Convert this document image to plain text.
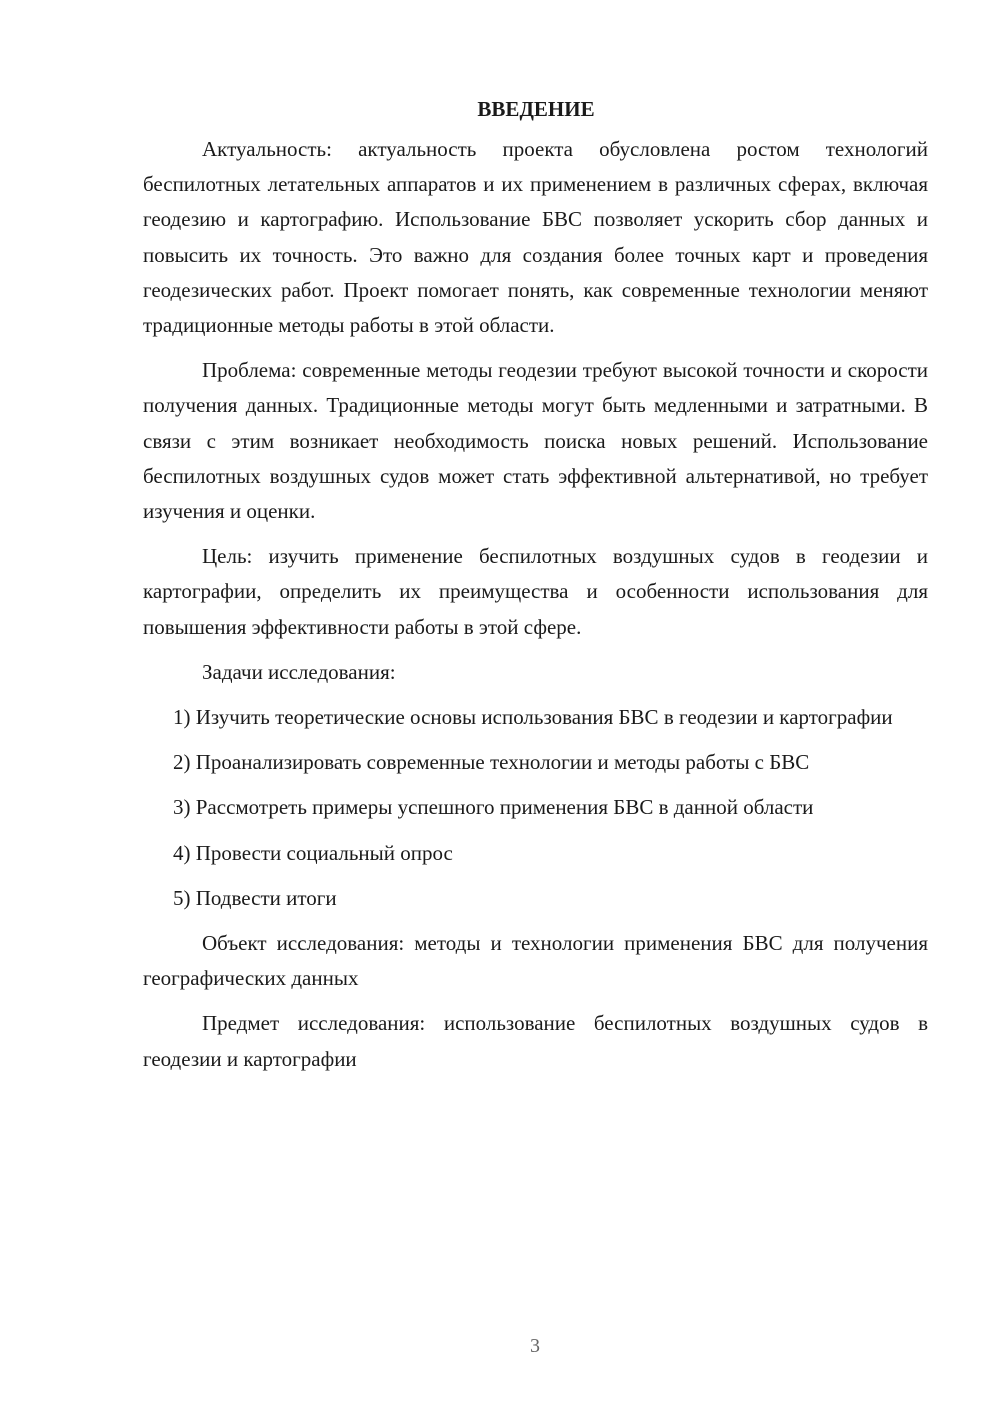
ВВЕДЕНИЕ

Актуальность: актуальность проекта обусловлена ростом технологий беспилотных летательных аппаратов и их применением в различных сферах, включая геодезию и картографию. Использование БВС позволяет ускорить сбор данных и повысить их точность. Это важно для создания более точных карт и проведения геодезических работ. Проект помогает понять, как современные технологии меняют традиционные методы работы в этой области.

Проблема: современные методы геодезии требуют высокой точности и скорости получения данных. Традиционные методы могут быть медленными и затратными. В связи с этим возникает необходимость поиска новых решений. Использование беспилотных воздушных судов может стать эффективной альтернативой, но требует изучения и оценки.

Цель: изучить применение беспилотных воздушных судов в геодезии и картографии, определить их преимущества и особенности использования для повышения эффективности работы в этой сфере.

Задачи исследования:

1) Изучить теоретические основы использования БВС в геодезии и картографии

2) Проанализировать современные технологии и методы работы с БВС

3) Рассмотреть примеры успешного применения БВС в данной области

4) Провести социальный опрос

5) Подвести итоги

Объект исследования: методы и технологии применения БВС для получения географических данных

Предмет исследования: использование беспилотных воздушных судов в геодезии и картографии

3
